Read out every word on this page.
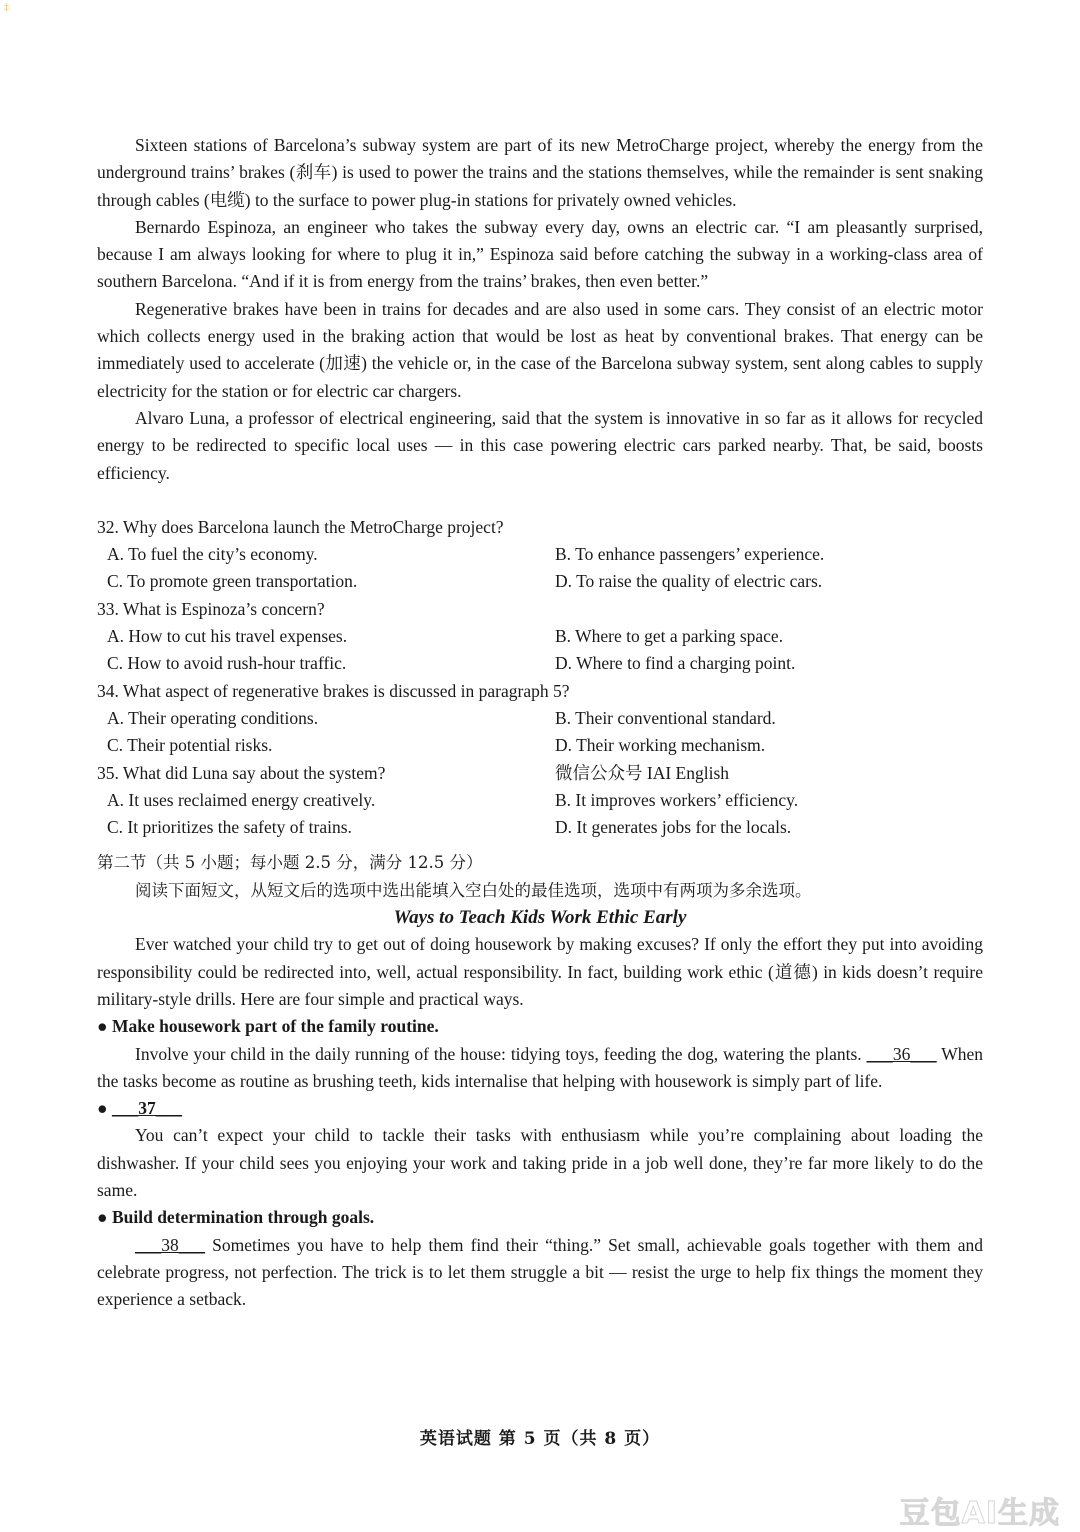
‡

Sixteen stations of Barcelona’s subway system are part of its new MetroCharge project, whereby the energy from the underground trains’ brakes (刹车) is used to power the trains and the stations themselves, while the remainder is sent snaking through cables (电缆) to the surface to power plug-in stations for privately owned vehicles.

Bernardo Espinoza, an engineer who takes the subway every day, owns an electric car. “I am pleasantly surprised, because I am always looking for where to plug it in,” Espinoza said before catching the subway in a working-class area of southern Barcelona. “And if it is from energy from the trains’ brakes, then even better.”

Regenerative brakes have been in trains for decades and are also used in some cars. They consist of an electric motor which collects energy used in the braking action that would be lost as heat by conventional brakes. That energy can be immediately used to accelerate (加速) the vehicle or, in the case of the Barcelona subway system, sent along cables to supply electricity for the station or for electric car chargers.

Alvaro Luna, a professor of electrical engineering, said that the system is innovative in so far as it allows for recycled energy to be redirected to specific local uses — in this case powering electric cars parked nearby. That, be said, boosts efficiency.

32. Why does Barcelona launch the MetroCharge project?

A. To fuel the city’s economy.	B. To enhance passengers’ experience.
C. To promote green transportation.	D. To raise the quality of electric cars.

33. What is Espinoza’s concern?

A. How to cut his travel expenses.	B. Where to get a parking space.
C. How to avoid rush-hour traffic.	D. Where to find a charging point.

34. What aspect of regenerative brakes is discussed in paragraph 5?

A. Their operating conditions.	B. Their conventional standard.
C. Their potential risks.	D. Their working mechanism.
35. What did Luna say about the system?	微信公众号 IAI English
A. It uses reclaimed energy creatively.	B. It improves workers’ efficiency.
C. It prioritizes the safety of trains.	D. It generates jobs for the locals.

第二节（共 5 小题；每小题 2.5 分，满分 12.5 分）

阅读下面短文，从短文后的选项中选出能填入空白处的最佳选项，选项中有两项为多余选项。

Ways to Teach Kids Work Ethic Early

Ever watched your child try to get out of doing housework by making excuses? If only the effort they put into avoiding responsibility could be redirected into, well, actual responsibility. In fact, building work ethic (道德) in kids doesn’t require military-style drills. Here are four simple and practical ways.

● Make housework part of the family routine.

Involve your child in the daily running of the house: tidying toys, feeding the dog, watering the plants. ___36___ When the tasks become as routine as brushing teeth, kids internalise that helping with housework is simply part of life.

● ___37___

You can’t expect your child to tackle their tasks with enthusiasm while you’re complaining about loading the dishwasher. If your child sees you enjoying your work and taking pride in a job well done, they’re far more likely to do the same.

● Build determination through goals.

___38___ Sometimes you have to help them find their “thing.” Set small, achievable goals together with them and celebrate progress, not perfection. The trick is to let them struggle a bit — resist the urge to help fix things the moment they experience a setback.

英语试题 第 5 页（共 8 页）
豆包AI生成
